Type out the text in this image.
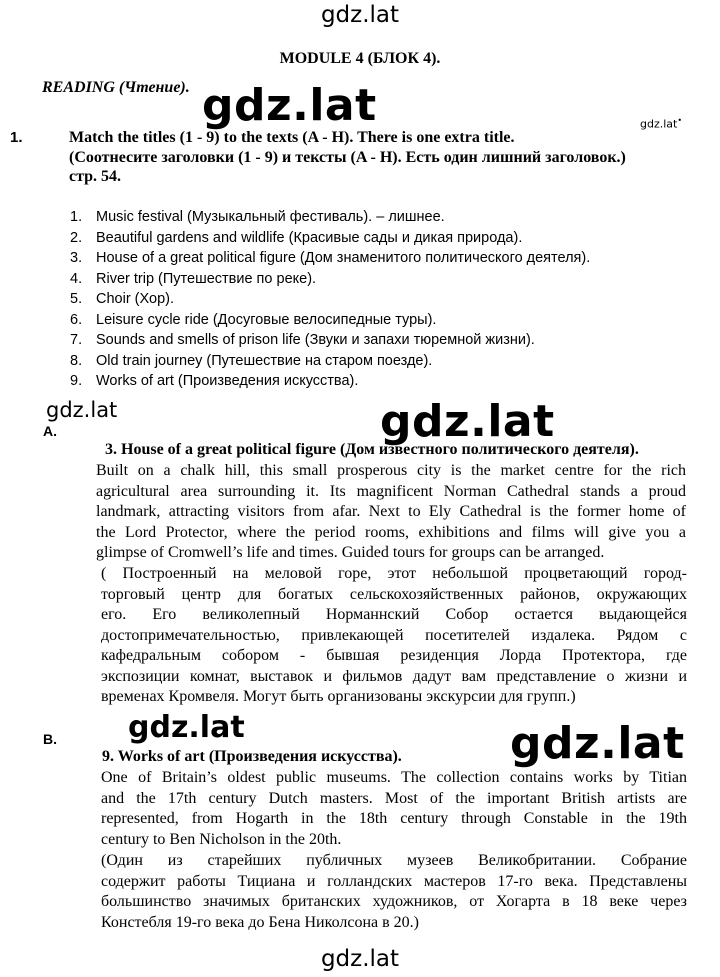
gdz.lat
MODULE 4 (БЛОК 4).
READING (Чтение). gdz.lat	gdz.lat•
1.	Match the titles (1 - 9) to the texts (A - H). There is one extra title.
(Соотнесите заголовки (1 - 9) и тексты (A - H). Есть один лишний заголовок.)
стр. 54.
1. Music festival (Музыкальный фестиваль). – лишнее.
2. Beautiful gardens and wildlife (Красивые сады и дикая природа).
3. House of a great political figure (Дом знаменитого политического деятеля).
4. River trip (Путешествие по реке).
5. Choir (Хор).
6. Leisure cycle ride (Досуговые велосипедные туры).
7. Sounds and smells of prison life (Звуки и запахи тюремной жизни).
8. Old train journey (Путешествие на старом поезде).
9. Works of art (Произведения искусства).
gdz.lat
A.
3. House of a great political figure (Дом известного политического деятеля).
gdz.lat
Built on a chalk hill, this small prosperous city is the market centre for the rich
agricultural area surrounding it. Its magnificent Norman Cathedral stands a proud
landmark, attracting visitors from afar. Next to Ely Cathedral is the former home of
the Lord Protector, where the period rooms, exhibitions and films will give you a
glimpse of Cromwell’s life and times. Guided tours for groups can be arranged.
( Построенный на меловой горе, этот небольшой процветающий город-
торговый центр для богатых сельскохозяйственных районов, окружающих
его. Его великолепный Норманнский Собор остается выдающейся
достопримечательностью, привлекающей посетителей издалека. Рядом с
кафедральным собором - бывшая резиденция Лорда Протектора, где
экспозиции комнат, выставок и фильмов дадут вам представление о жизни и
временах Кромвеля. Могут быть организованы экскурсии для групп.)
B. gdz.lat
9. Works of art (Произведения искусства). gdz.lat
One of Britain’s oldest public museums. The collection contains works by Titian
and the 17th century Dutch masters. Most of the important British artists are
represented, from Hogarth in the 18th century through Constable in the 19th
century to Ben Nicholson in the 20th.
(Один из старейших публичных музеев Великобритании. Собрание
содержит работы Тициана и голландских мастеров 17-го века. Представлены
большинство значимых британских художников, от Хогарта в 18 веке через
Констебля 19-го века до Бена Николсона в 20.)
gdz.lat
